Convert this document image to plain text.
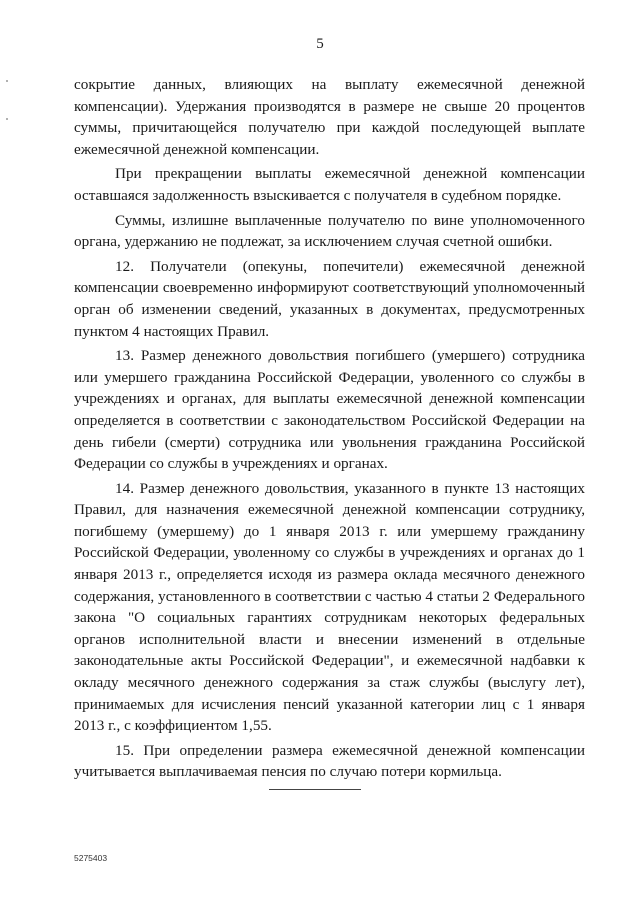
5

сокрытие данных, влияющих на выплату ежемесячной денежной компенсации). Удержания производятся в размере не свыше 20 процентов суммы, причитающейся получателю при каждой последующей выплате ежемесячной денежной компенсации.

При прекращении выплаты ежемесячной денежной компенсации оставшаяся задолженность взыскивается с получателя в судебном порядке.

Суммы, излишне выплаченные получателю по вине уполномоченного органа, удержанию не подлежат, за исключением случая счетной ошибки.

12. Получатели (опекуны, попечители) ежемесячной денежной компенсации своевременно информируют соответствующий уполномоченный орган об изменении сведений, указанных в документах, предусмотренных пунктом 4 настоящих Правил.

13. Размер денежного довольствия погибшего (умершего) сотрудника или умершего гражданина Российской Федерации, уволенного со службы в учреждениях и органах, для выплаты ежемесячной денежной компенсации определяется в соответствии с законодательством Российской Федерации на день гибели (смерти) сотрудника или увольнения гражданина Российской Федерации со службы в учреждениях и органах.

14. Размер денежного довольствия, указанного в пункте 13 настоящих Правил, для назначения ежемесячной денежной компенсации сотруднику, погибшему (умершему) до 1 января 2013 г. или умершему гражданину Российской Федерации, уволенному со службы в учреждениях и органах до 1 января 2013 г., определяется исходя из размера оклада месячного денежного содержания, установленного в соответствии с частью 4 статьи 2 Федерального закона "О социальных гарантиях сотрудникам некоторых федеральных органов исполнительной власти и внесении изменений в отдельные законодательные акты Российской Федерации", и ежемесячной надбавки к окладу месячного денежного содержания за стаж службы (выслугу лет), принимаемых для исчисления пенсий указанной категории лиц с 1 января 2013 г., с коэффициентом 1,55.

15. При определении размера ежемесячной денежной компенсации учитывается выплачиваемая пенсия по случаю потери кормильца.

5275403
